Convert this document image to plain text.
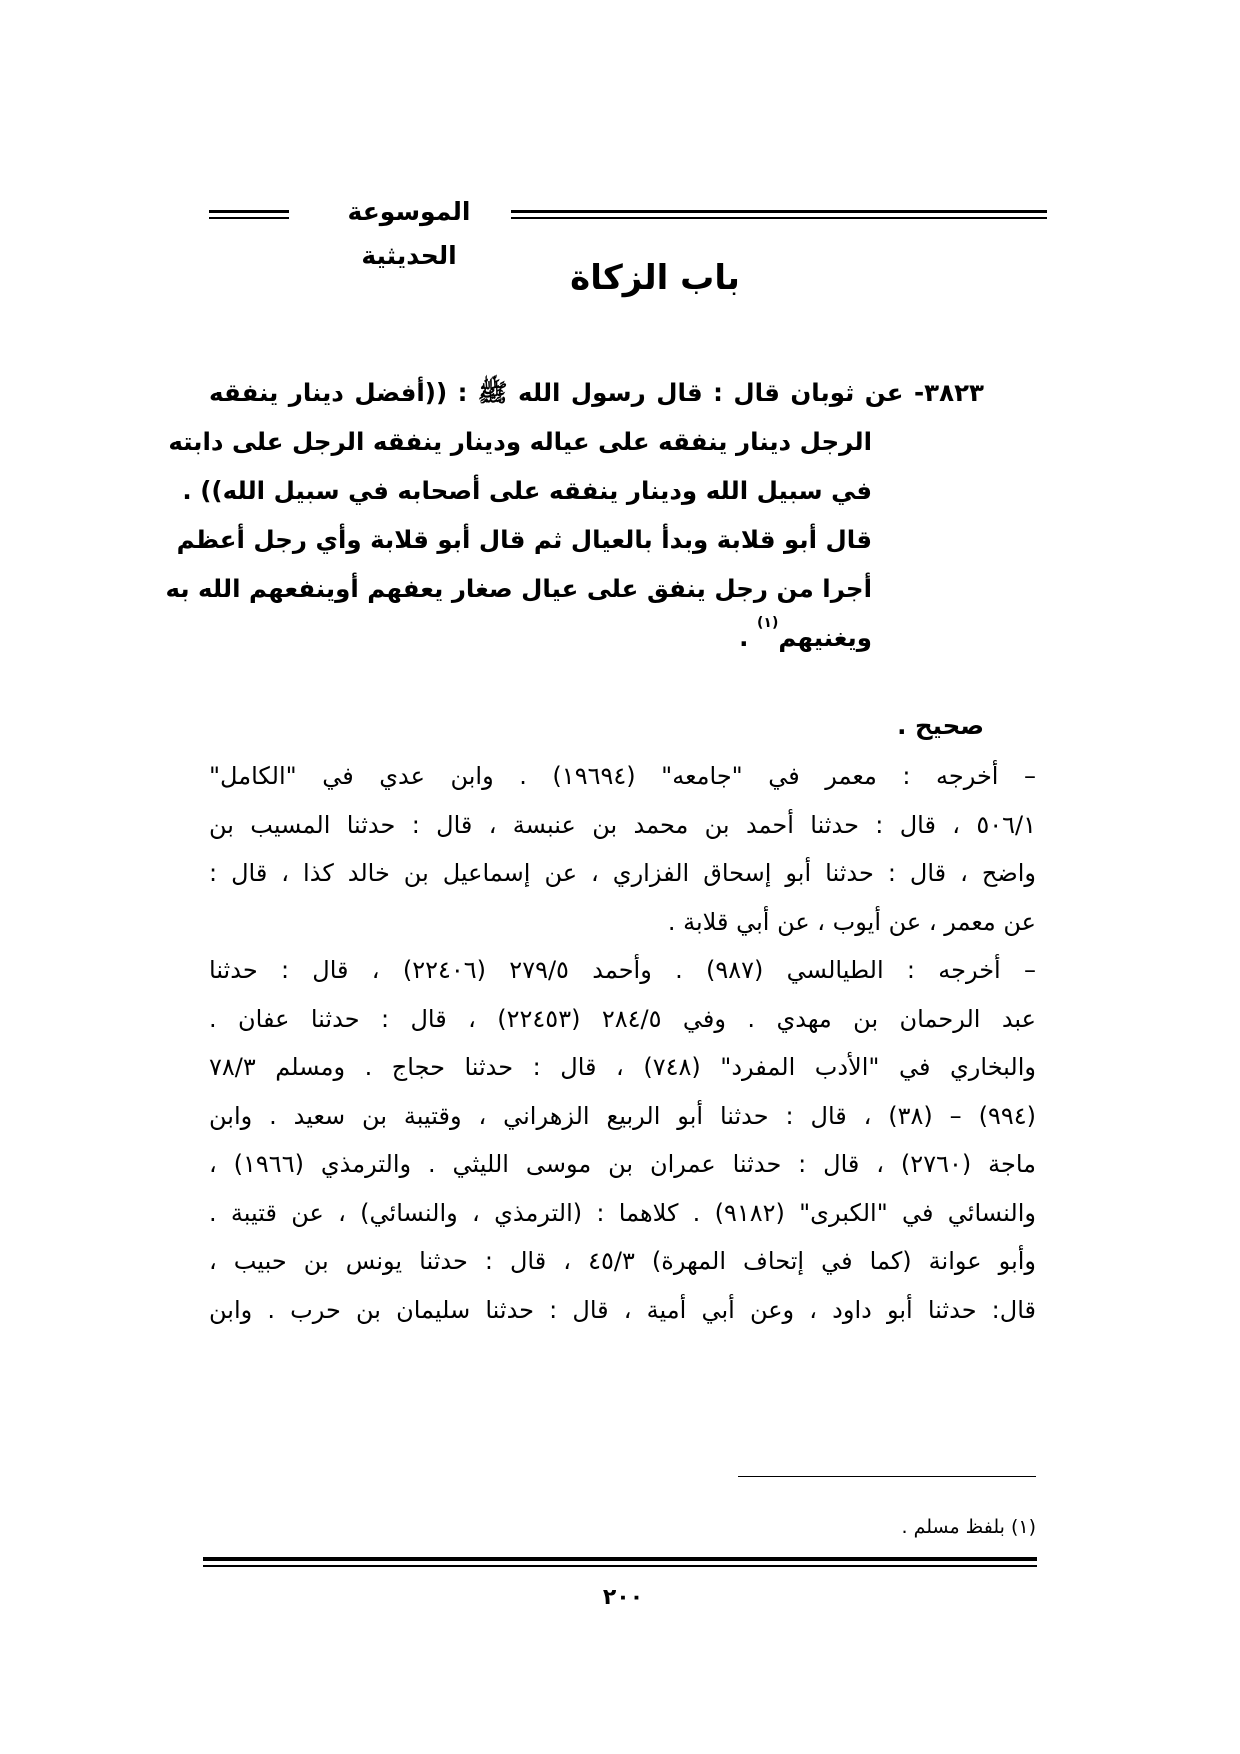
الموسوعة الحديثية
باب الزكاة
٣٨٢٣- عن ثوبان قال : قال رسول الله ﷺ : ((أفضل دينار ينفقه
الرجل دينار ينفقه على عياله ودينار ينفقه الرجل على دابته
في سبيل الله ودينار ينفقه على أصحابه في سبيل الله)) .
قال أبو قلابة وبدأ بالعيال ثم قال أبو قلابة وأي رجل أعظم
أجرا من رجل ينفق على عيال صغار يعفهم أوينفعهم الله به
ويغنيهم$^{(١)}$ .
صحيح .
– أخرجه : معمر في "جامعه" (١٩٦٩٤) . وابن عدي في "الكامل"
٥٠٦/١ ، قال : حدثنا أحمد بن محمد بن عنبسة ، قال : حدثنا المسيب بن
واضح ، قال : حدثنا أبو إسحاق الفزاري ، عن إسماعيل بن خالد كذا ، قال :
عن معمر ، عن أيوب ، عن أبي قلابة .
– أخرجه : الطيالسي (٩٨٧) . وأحمد ٢٧٩/٥ (٢٢٤٠٦) ، قال : حدثنا
عبد الرحمان بن مهدي . وفي ٢٨٤/٥ (٢٢٤٥٣) ، قال : حدثنا عفان .
والبخاري في "الأدب المفرد" (٧٤٨) ، قال : حدثنا حجاج . ومسلم ٧٨/٣
(٩٩٤) – (٣٨) ، قال : حدثنا أبو الربيع الزهراني ، وقتيبة بن سعيد . وابن
ماجة (٢٧٦٠) ، قال : حدثنا عمران بن موسى الليثي . والترمذي (١٩٦٦) ،
والنسائي في "الكبرى" (٩١٨٢) . كلاهما : (الترمذي ، والنسائي) ، عن قتيبة .
وأبو عوانة (كما في إتحاف المهرة) ٤٥/٣ ، قال : حدثنا يونس بن حبيب ،
قال: حدثنا أبو داود ، وعن أبي أمية ، قال : حدثنا سليمان بن حرب . وابن
(١) بلفظ مسلم .
٢٠٠
